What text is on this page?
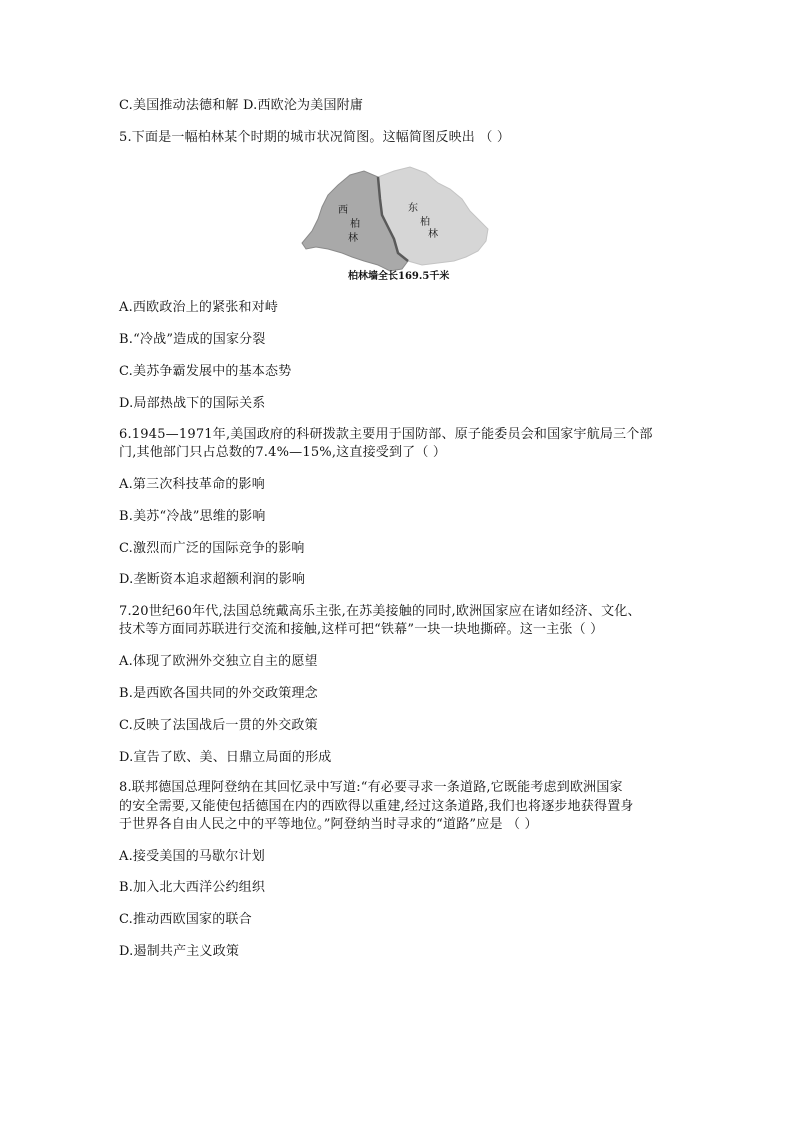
C.美国推动法德和解 D.西欧沦为美国附庸
5.下面是一幅柏林某个时期的城市状况简图。这幅简图反映出 （ ）
西
柏
林
东
柏
林
柏林墙全长169.5千米
A.西欧政治上的紧张和对峙
B.“冷战”造成的国家分裂
C.美苏争霸发展中的基本态势
D.局部热战下的国际关系
6.1945—1971年,美国政府的科研拨款主要用于国防部、原子能委员会和国家宇航局三个部
门,其他部门只占总数的7.4%—15%,这直接受到了（ ）
A.第三次科技革命的影响
B.美苏“冷战”思维的影响
C.激烈而广泛的国际竞争的影响
D.垄断资本追求超额利润的影响
7.20世纪60年代,法国总统戴高乐主张,在苏美接触的同时,欧洲国家应在诸如经济、文化、
技术等方面同苏联进行交流和接触,这样可把“铁幕”一块一块地撕碎。这一主张（ ）
A.体现了欧洲外交独立自主的愿望
B.是西欧各国共同的外交政策理念
C.反映了法国战后一贯的外交政策
D.宣告了欧、美、日鼎立局面的形成
8.联邦德国总理阿登纳在其回忆录中写道:“有必要寻求一条道路,它既能考虑到欧洲国家
的安全需要,又能使包括德国在内的西欧得以重建,经过这条道路,我们也将逐步地获得置身
于世界各自由人民之中的平等地位。”阿登纳当时寻求的“道路”应是 （ ）
A.接受美国的马歇尔计划
B.加入北大西洋公约组织
C.推动西欧国家的联合
D.遏制共产主义政策
